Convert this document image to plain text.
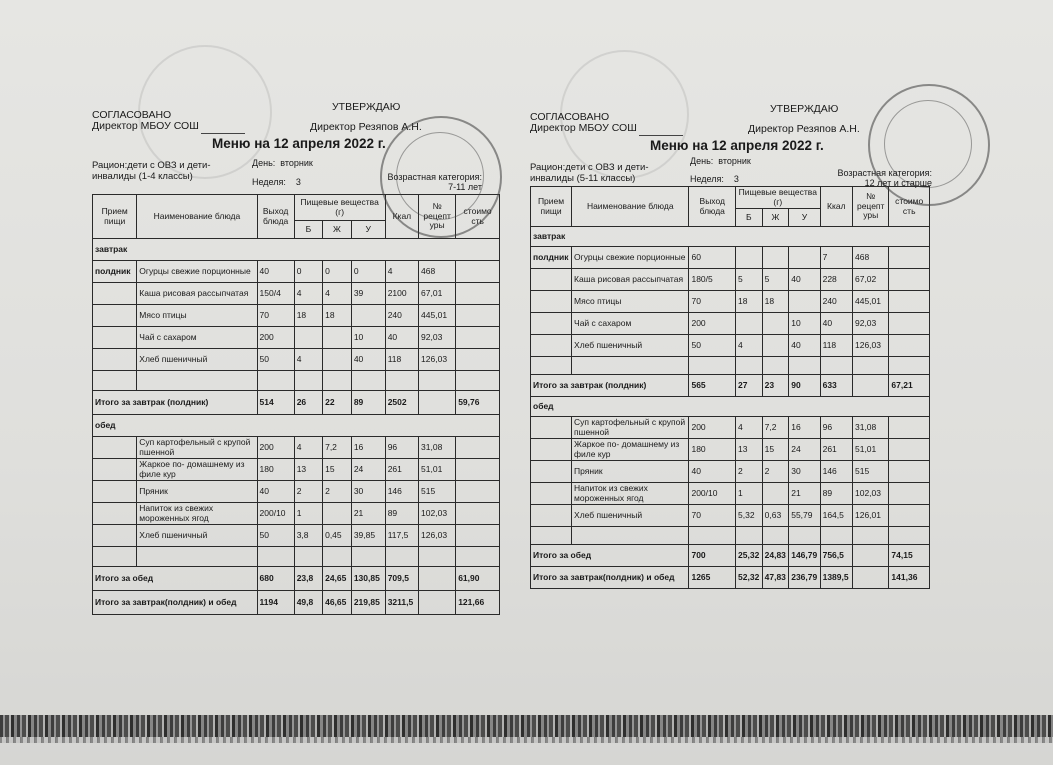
СОГЛАСОВАНО
Директор МБОУ СОШ
УТВЕРЖДАЮ
Директор Резяпов А.Н.
Меню на 12 апреля 2022 г.
Рацион:дети с ОВЗ и дети-инвалиды (1-4 классы)
День: вторник
Неделя: 3	Возрастная категория:
7-11 лет
Прием пищи	Наименование блюда	Выход блюда	Пищевые вещества (г)			Ккал	№ рецепт уры	стоимо сть
			Б	Ж	У			
завтрак								
полдник	Огурцы свежие порционные	40	0	0	0	4	468	
	Каша рисовая рассыпчатая	150/4	4	4	39	2100	67,01	
	Мясо птицы	70	18	18		240	445,01	
	Чай с сахаром	200			10	40	92,03	
	Хлеб пшеничный	50	4		40	118	126,03	

Итого за завтрак (полдник)		514	26	22	89	2502		59,76
обед								
	Суп картофельный с крупой пшенной	200	4	7,2	16	96	31,08	
	Жаркое по- домашнему из филе кур	180	13	15	24	261	51,01	
	Пряник	40	2	2	30	146	515	
	Напиток из свежих мороженных ягод	200/10	1		21	89	102,03	
	Хлеб пшеничный	50	3,8	0,45	39,85	117,5	126,03	

Итого за обед		680	23,8	24,65	130,85	709,5		61,90
Итого за завтрак(полдник) и обед		1194	49,8	46,65	219,85	3211,5		121,66
СОГЛАСОВАНО
Директор МБОУ СОШ
УТВЕРЖДАЮ
Директор Резяпов А.Н.
Меню на 12 апреля 2022 г.
Рацион:дети с ОВЗ и дети-инвалиды (5-11 классы)
День: вторник
Неделя: 3
Возрастная категория:
12 лет и старше
Прием пищи	Наименование блюда	Выход блюда	Пищевые вещества (г)			Ккал	№ рецепт уры	стоимо сть
			Б	Ж	У			
завтрак								
полдник	Огурцы свежие порционные	60				7	468	
	Каша рисовая рассыпчатая	180/5	5	5	40	228	67,02	
	Мясо птицы	70	18	18		240	445,01	
	Чай с сахаром	200			10	40	92,03	
	Хлеб пшеничный	50	4		40	118	126,03	

Итого за завтрак (полдник)		565	27	23	90	633		67,21
обед								
	Суп картофельный с крупой пшенной	200	4	7,2	16	96	31,08	
	Жаркое по- домашнему из филе кур	180	13	15	24	261	51,01	
	Пряник	40	2	2	30	146	515	
	Напиток из свежих мороженных ягод	200/10	1		21	89	102,03	
	Хлеб пшеничный	70	5,32	0,63	55,79	164,5	126,01	

Итого за обед		700	25,32	24,83	146,79	756,5		74,15
Итого за завтрак(полдник) и обед		1265	52,32	47,83	236,79	1389,5		141,36
